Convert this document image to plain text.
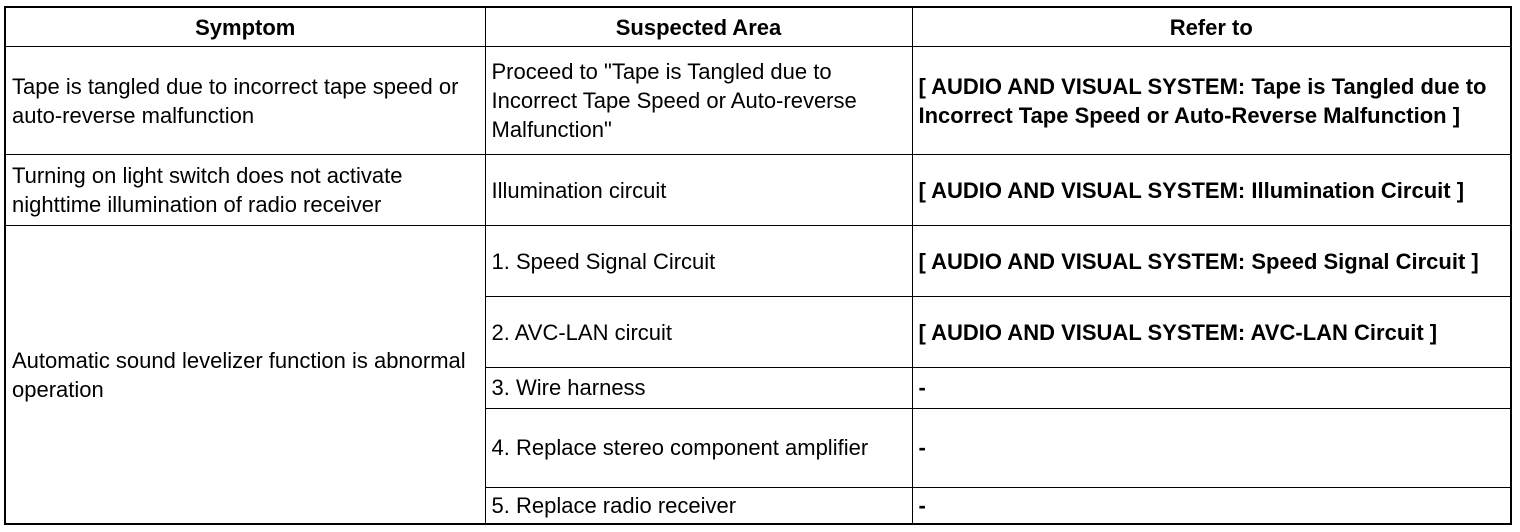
Symptom	Suspected Area	Refer to
Tape is tangled due to incorrect tape speed or auto-reverse malfunction	Proceed to "Tape is Tangled due to Incorrect Tape Speed or Auto-reverse Malfunction"	[ AUDIO AND VISUAL SYSTEM: Tape is Tangled due to Incorrect Tape Speed or Auto-Reverse Malfunction ]
Turning on light switch does not activate nighttime illumination of radio receiver	Illumination circuit	[ AUDIO AND VISUAL SYSTEM: Illumination Circuit ]
Automatic sound levelizer function is abnormal operation	1. Speed Signal Circuit	[ AUDIO AND VISUAL SYSTEM: Speed Signal Circuit ]
	2. AVC-LAN circuit	[ AUDIO AND VISUAL SYSTEM: AVC-LAN Circuit ]
	3. Wire harness	-
	4. Replace stereo component amplifier	-
	5. Replace radio receiver	-
